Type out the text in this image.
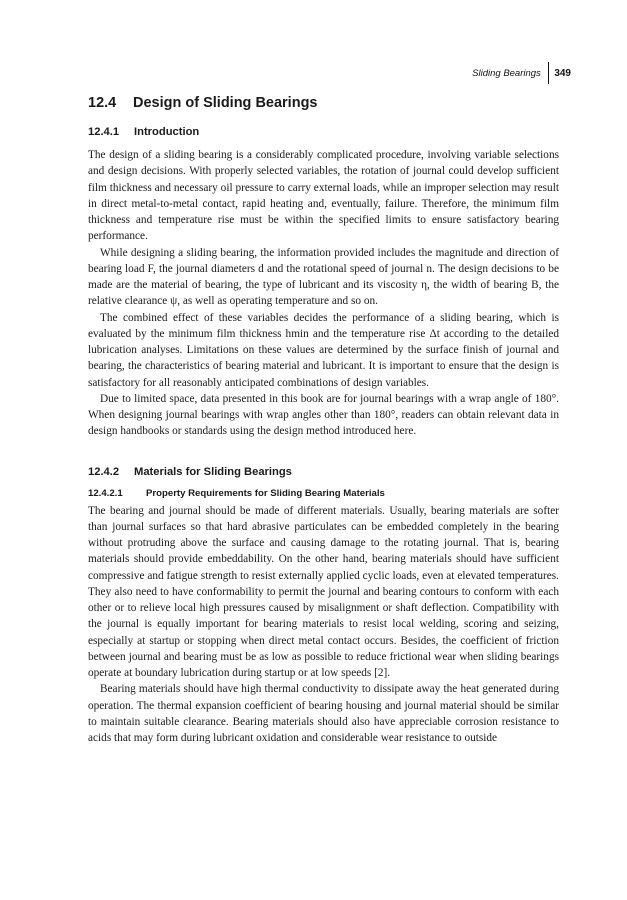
Sliding Bearings	349
12.4	Design of Sliding Bearings
12.4.1	Introduction

The design of a sliding bearing is a considerably complicated procedure, involving variable selections and design decisions. With properly selected variables, the rotation of journal could develop sufficient film thickness and necessary oil pressure to carry external loads, while an improper selection may result in direct metal-to-metal contact, rapid heating and, eventually, failure. Therefore, the minimum film thickness and temperature rise must be within the specified limits to ensure satisfactory bearing performance.

While designing a sliding bearing, the information provided includes the magnitude and direction of bearing load F, the journal diameters d and the rotational speed of journal n. The design decisions to be made are the material of bearing, the type of lubricant and its viscosity η, the width of bearing B, the relative clearance ψ, as well as operating temperature and so on.

The combined effect of these variables decides the performance of a sliding bearing, which is evaluated by the minimum film thickness hmin and the temperature rise Δt according to the detailed lubrication analyses. Limitations on these values are determined by the surface finish of journal and bearing, the characteristics of bearing material and lubricant. It is important to ensure that the design is satisfactory for all reasonably anticipated combinations of design variables.

Due to limited space, data presented in this book are for journal bearings with a wrap angle of 180°. When designing journal bearings with wrap angles other than 180°, readers can obtain relevant data in design handbooks or standards using the design method introduced here.

12.4.2	Materials for Sliding Bearings
12.4.2.1	Property Requirements for Sliding Bearing Materials

The bearing and journal should be made of different materials. Usually, bearing materials are softer than journal surfaces so that hard abrasive particulates can be embedded completely in the bearing without protruding above the surface and causing damage to the rotating journal. That is, bearing materials should provide embeddability. On the other hand, bearing materials should have sufficient compressive and fatigue strength to resist externally applied cyclic loads, even at elevated temperatures. They also need to have conformability to permit the journal and bearing contours to conform with each other or to relieve local high pressures caused by misalignment or shaft deflection. Compatibility with the journal is equally important for bearing materials to resist local welding, scoring and seizing, especially at startup or stopping when direct metal contact occurs. Besides, the coefficient of friction between journal and bearing must be as low as possible to reduce frictional wear when sliding bearings operate at boundary lubrication during startup or at low speeds [2].

Bearing materials should have high thermal conductivity to dissipate away the heat generated during operation. The thermal expansion coefficient of bearing housing and journal material should be similar to maintain suitable clearance. Bearing materials should also have appreciable corrosion resistance to acids that may form during lubricant oxidation and considerable wear resistance to outside
